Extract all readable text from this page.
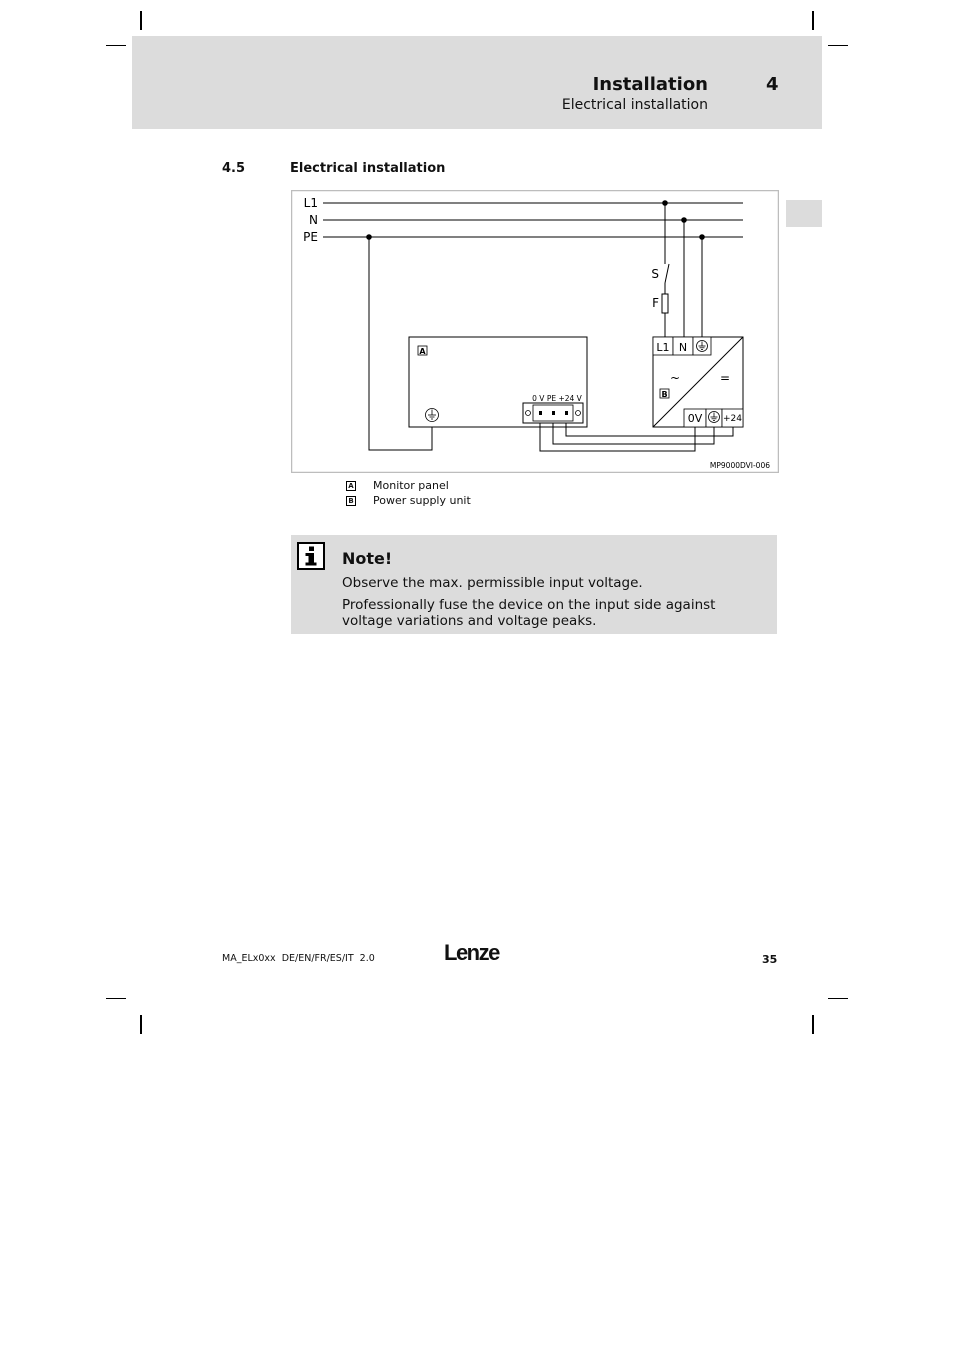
Installation
Electrical installation
4
4.5	Electrical installation
L1
N
PE
S
F
A
0 V PE +24 V
L1 N
~	=
B
0V +24
MP9000DVI-006
A Monitor panel
B Power supply unit
Note!
Observe the max. permissible input voltage.
Professionally fuse the device on the input side against voltage variations and voltage peaks.
MA_ELx0xx  DE/EN/FR/ES/IT  2.0	Lenze	35
